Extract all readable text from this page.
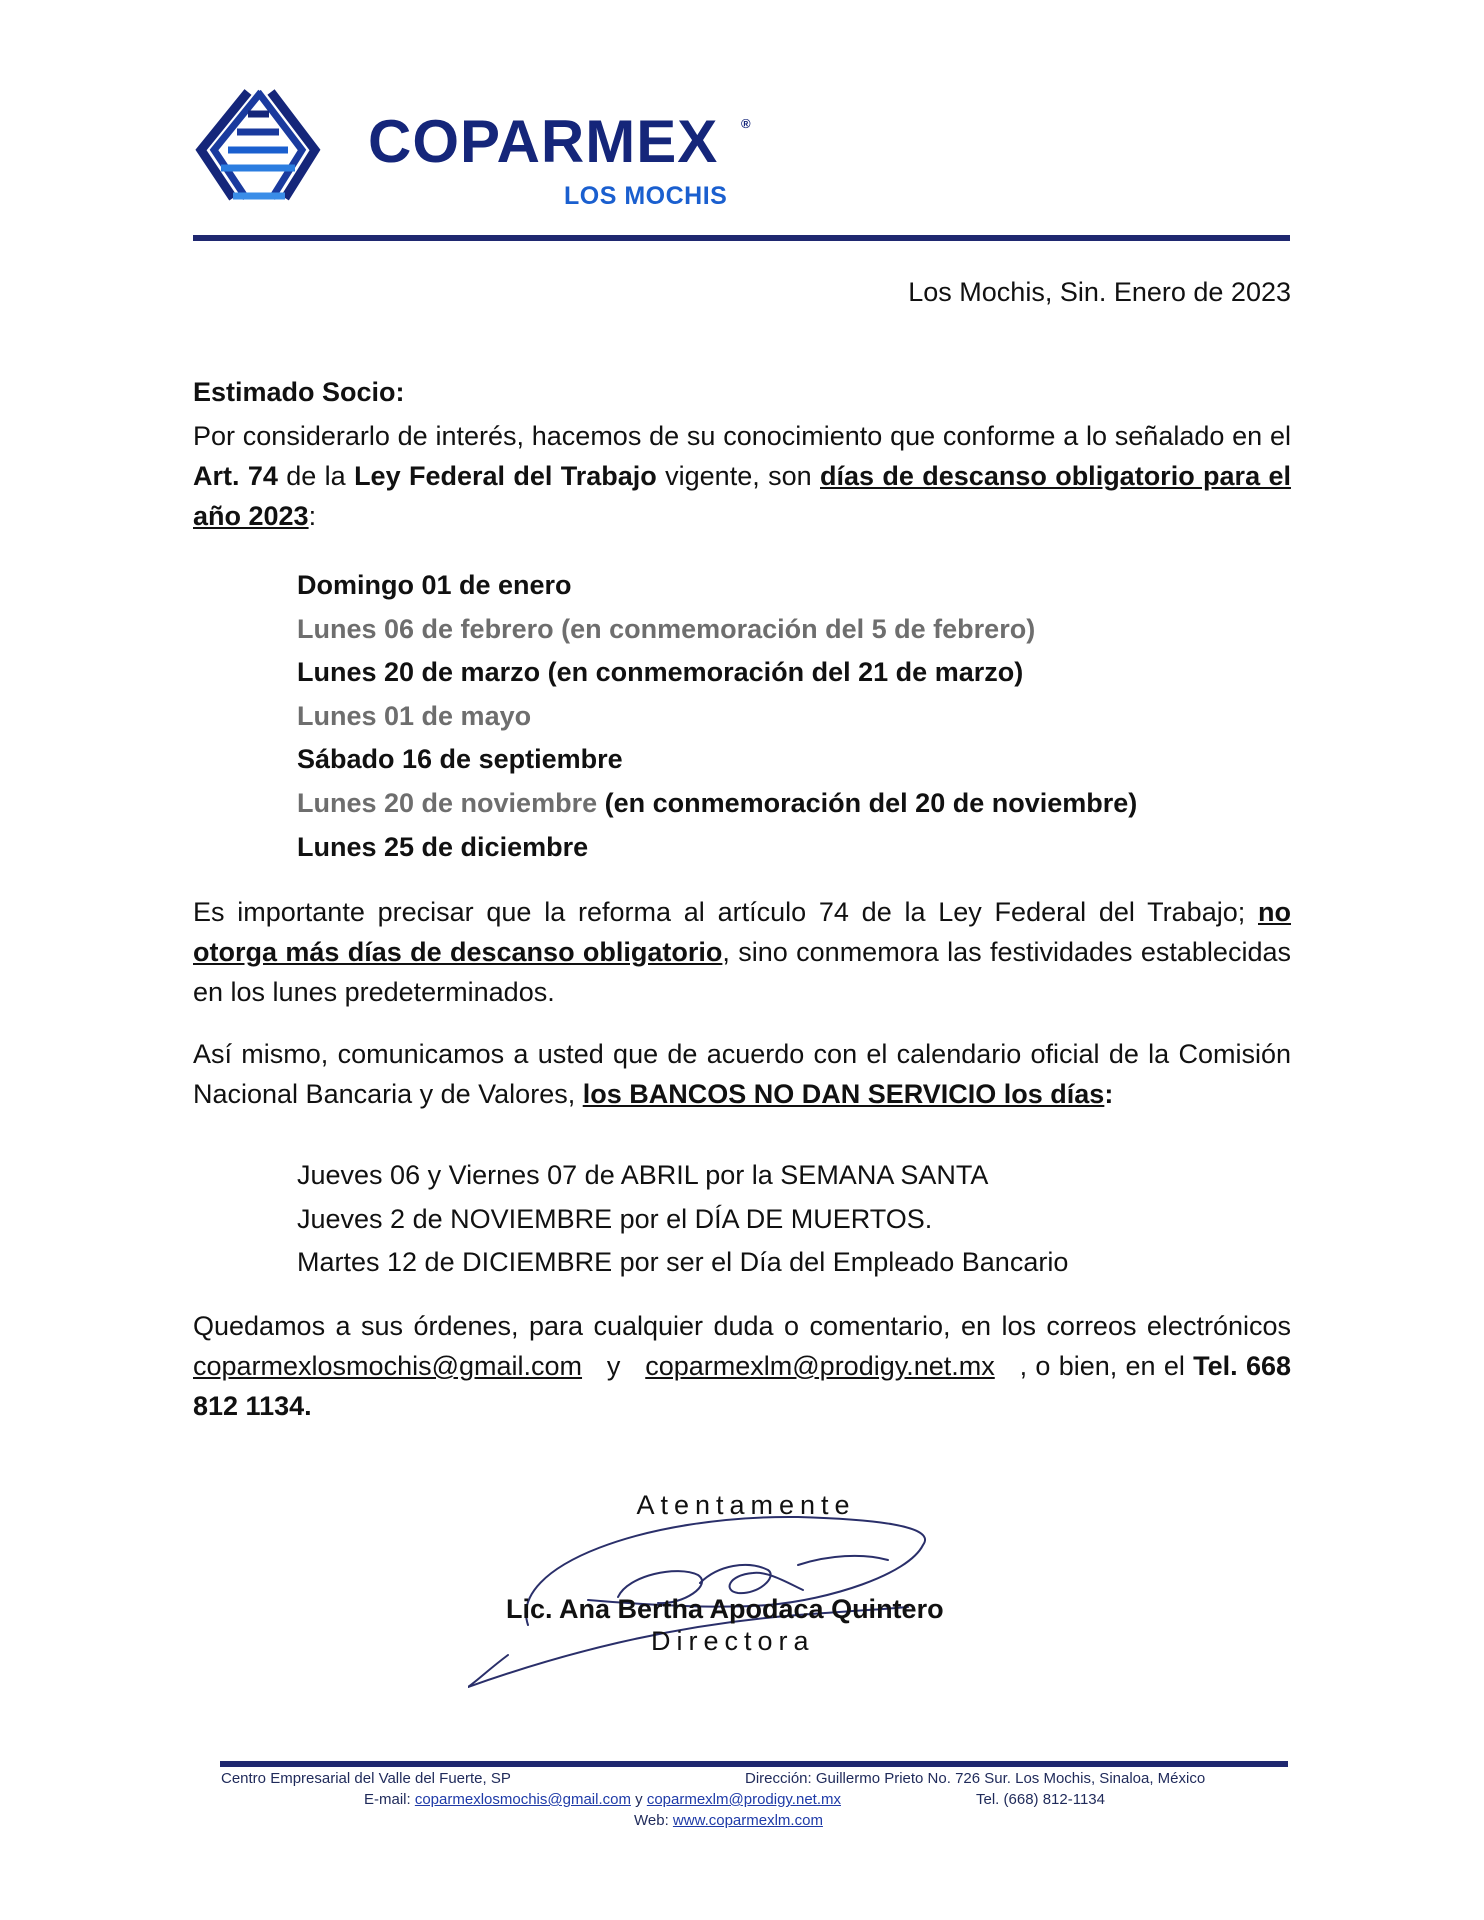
COPARMEX	®
LOS MOCHIS
Los Mochis, Sin. Enero de 2023
Estimado Socio:

Por considerarlo de interés, hacemos de su conocimiento que conforme a lo señalado en el Art. 74 de la Ley Federal del Trabajo vigente, son días de descanso obligatorio para el año 2023:

Domingo 01 de enero
Lunes 06 de febrero (en conmemoración del 5 de febrero)
Lunes 20 de marzo (en conmemoración del 21 de marzo)
Lunes 01 de mayo
Sábado 16 de septiembre
Lunes 20 de noviembre (en conmemoración del 20 de noviembre)
Lunes 25 de diciembre

Es importante precisar que la reforma al artículo 74 de la Ley Federal del Trabajo; no otorga más días de descanso obligatorio, sino conmemora las festividades establecidas en los lunes predeterminados.

Así mismo, comunicamos a usted que de acuerdo con el calendario oficial de la Comisión Nacional Bancaria y de Valores, los BANCOS NO DAN SERVICIO los días:

Jueves 06 y Viernes 07 de ABRIL por la SEMANA SANTA
Jueves 2 de NOVIEMBRE por el DÍA DE MUERTOS.
Martes 12 de DICIEMBRE por ser el Día del Empleado Bancario

Quedamos a sus órdenes, para cualquier duda o comentario, en los correos electrónicos coparmexlosmochis@gmail.com   y   coparmexlm@prodigy.net.mx   , o bien, en el Tel. 668 812 1134.

Atentamente
Lic. Ana Bertha Apodaca Quintero
Directora
Centro Empresarial del Valle del Fuerte, SP	Dirección: Guillermo Prieto No. 726 Sur. Los Mochis, Sinaloa, México
E-mail: coparmexlosmochis@gmail.com y coparmexlm@prodigy.net.mx	Tel. (668) 812-1134
Web: www.coparmexlm.com
